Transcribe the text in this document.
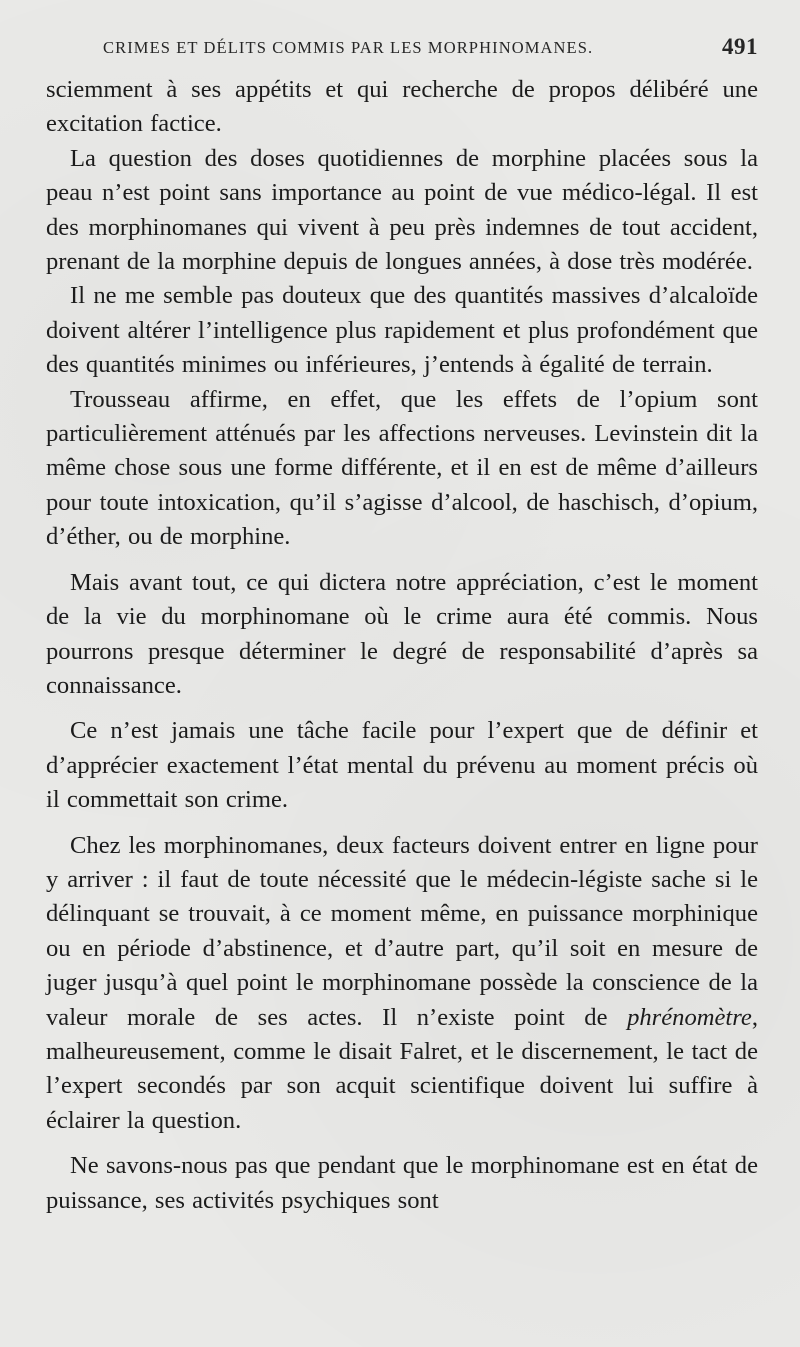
CRIMES ET DÉLITS COMMIS PAR LES MORPHINOMANES.	491

sciemment à ses appétits et qui recherche de propos délibéré une excitation factice.

La question des doses quotidiennes de morphine placées sous la peau n’est point sans importance au point de vue médico-légal. Il est des morphinomanes qui vivent à peu près indemnes de tout accident, prenant de la morphine depuis de longues années, à dose très modérée.

Il ne me semble pas douteux que des quantités massives d’alcaloïde doivent altérer l’intelligence plus rapidement et plus profondément que des quantités minimes ou inférieures, j’entends à égalité de terrain.

Trousseau affirme, en effet, que les effets de l’opium sont particulièrement atténués par les affections nerveuses. Levinstein dit la même chose sous une forme différente, et il en est de même d’ailleurs pour toute intoxication, qu’il s’agisse d’alcool, de haschisch, d’opium, d’éther, ou de morphine.

Mais avant tout, ce qui dictera notre appréciation, c’est le moment de la vie du morphinomane où le crime aura été commis. Nous pourrons presque déterminer le degré de responsabilité d’après sa connaissance.

Ce n’est jamais une tâche facile pour l’expert que de définir et d’apprécier exactement l’état mental du prévenu au moment précis où il commettait son crime.

Chez les morphinomanes, deux facteurs doivent entrer en ligne pour y arriver : il faut de toute nécessité que le médecin-légiste sache si le délinquant se trouvait, à ce moment même, en puissance morphinique ou en période d’abstinence, et d’autre part, qu’il soit en mesure de juger jusqu’à quel point le morphinomane possède la conscience de la valeur morale de ses actes. Il n’existe point de phrénomètre, malheureusement, comme le disait Falret, et le discernement, le tact de l’expert secondés par son acquit scientifique doivent lui suffire à éclairer la question.

Ne savons-nous pas que pendant que le morphinomane est en état de puissance, ses activités psychiques sont
